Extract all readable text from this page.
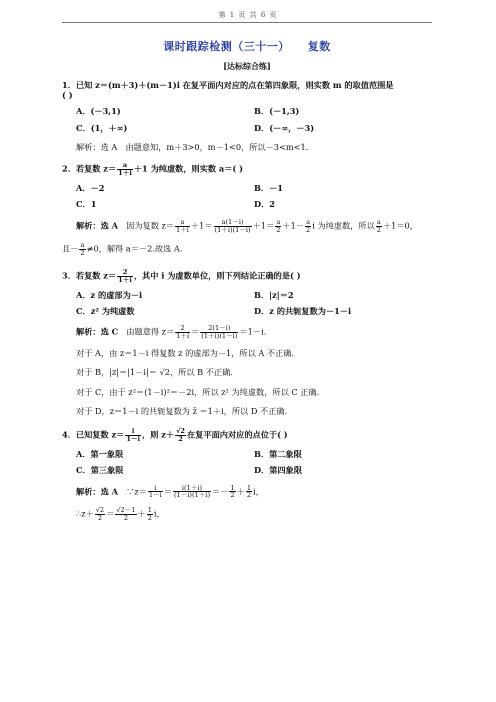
第 1 页 共 6 页
课时跟踪检测（三十一） 复数
[达标综合练]
1．已知 z＝(m＋3)＋(m－1)i 在复平面内对应的点在第四象限，则实数 m 的取值范围是
( )
A．(－3,1)	B．(－1,3)
C．(1，＋∞)	D．(－∞，－3)
解析：选 A　由题意知，m＋3>0，m－1<0，所以－3<m<1.
2．若复数 $z= \frac{a}{1+i} +1$ 为纯虚数，则实数 a＝( )
A．－2	B．－1
C．1	D．2
解析：选 A　因为复数 $z= \frac{a}{1+i} +1= \frac{a(1-i)}{(1+i)(1-i)} +1= \frac{a}{2} +1- \frac{a}{2}$ i 为纯虚数，所以 $\frac{a}{2} +1=0$，
且－ $\frac{a}{2} \ne 0$，解得 a＝－2.故选 A.
3．若复数 $z= \frac{2}{1+i}$ ，其中 i 为虚数单位，则下列结论正确的是( )
A．z 的虚部为－i	B．|z|＝2
C．z² 为纯虚数	D．z 的共轭复数为－1－i
解析：选 C　由题意得 $z= \frac{2}{1+i} = \frac{2(1-i)}{(1+i)(1-i)} =1-i$.
对于 A，由 z＝1－i 得复数 z 的虚部为－1，所以 A 不正确．
对于 B，|z|＝|1－i|＝ √2，所以 B 不正确．
对于 C，由于 z²＝(1－i)²＝－2i，所以 z² 为纯虚数，所以 C 正确．
对于 D，z＝1－i 的共轭复数为 z̄ ＝1＋i，所以 D 不正确．
4．已知复数 $z= \frac{i}{1-i}$ ，则 $z+ \frac{√2}{2}$ 在复平面内对应的点位于( )
A．第一象限	B．第二象限
C．第三象限	D．第四象限
解析：选 A　∵z＝ $\frac{i}{1-i} = \frac{i(1+i)}{(1-i)(1+i)} =- \frac{1}{2} + \frac{1}{2}$ i，
∴z＋ $\frac{√2}{2} = \frac{√2-1}{2} + \frac{1}{2}$ i，
